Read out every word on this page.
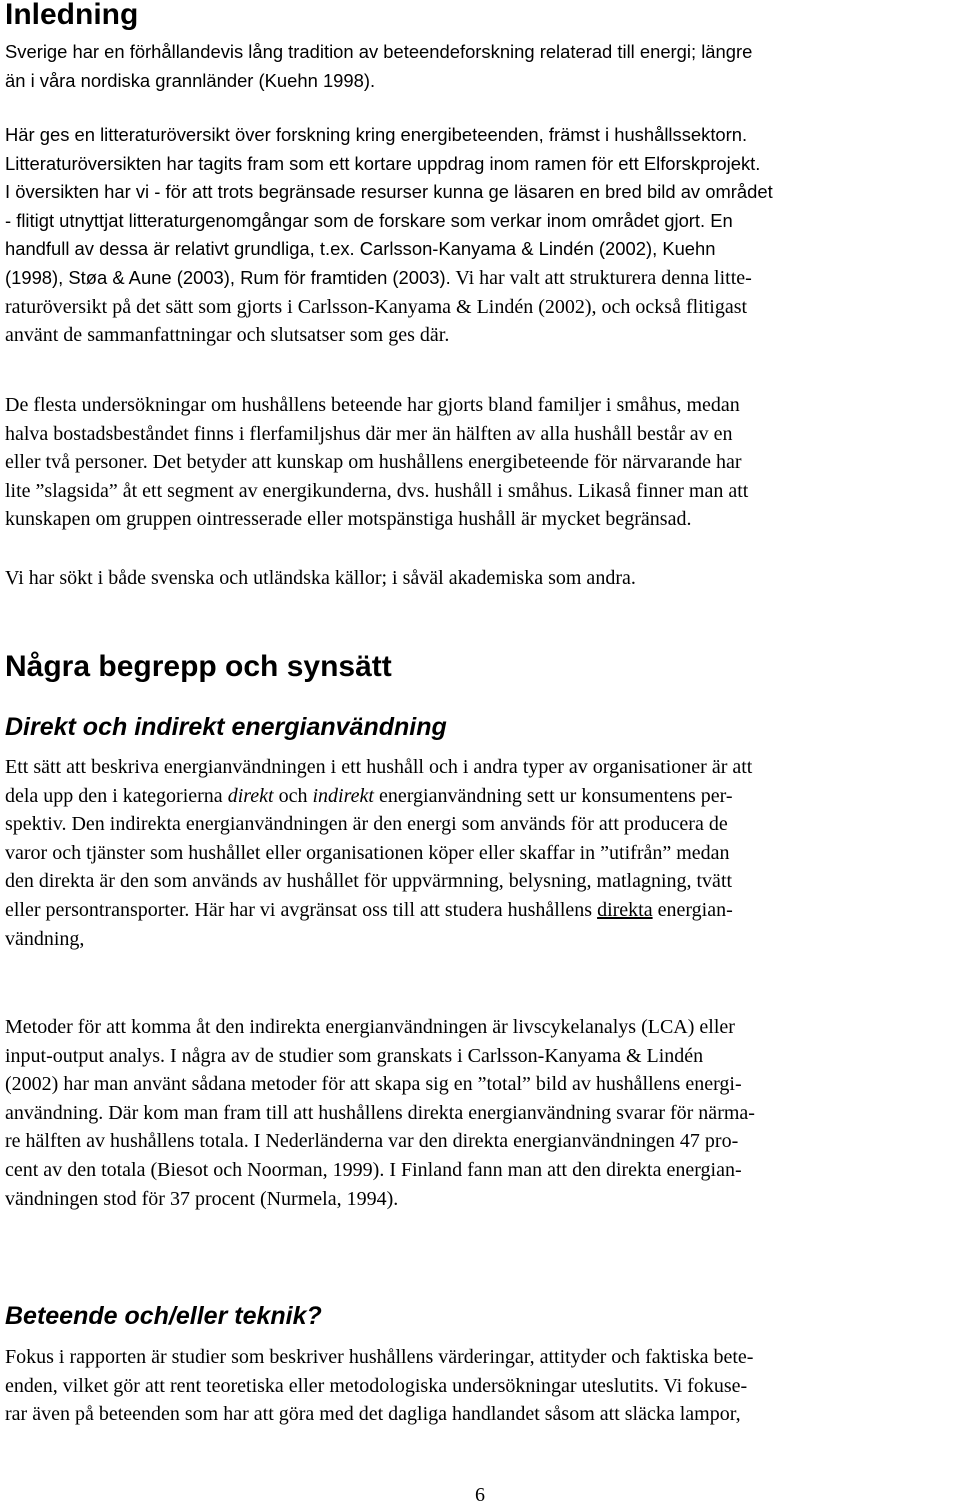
Inledning
Sverige har en förhållandevis lång tradition av beteendeforskning relaterad till energi; längre
än i våra nordiska grannländer (Kuehn 1998).
Här ges en litteraturöversikt över forskning kring energibeteenden, främst i hushållssektorn.
Litteraturöversikten har tagits fram som ett kortare uppdrag inom ramen för ett Elforskprojekt.
I översikten har vi - för att trots begränsade resurser kunna ge läsaren en bred bild av området
- flitigt utnyttjat litteraturgenomgångar som de forskare som verkar inom området gjort. En
handfull av dessa är relativt grundliga, t.ex. Carlsson-Kanyama & Lindén (2002), Kuehn
(1998), Støa & Aune (2003), Rum för framtiden (2003). Vi har valt att strukturera denna litte-
raturöversikt på det sätt som gjorts i Carlsson-Kanyama & Lindén (2002), och också flitigast
använt de sammanfattningar och slutsatser som ges där.
De flesta undersökningar om hushållens beteende har gjorts bland familjer i småhus, medan
halva bostadsbeståndet finns i flerfamiljshus där mer än hälften av alla hushåll består av en
eller två personer. Det betyder att kunskap om hushållens energibeteende för närvarande har
lite ”slagsida” åt ett segment av energikunderna, dvs. hushåll i småhus. Likaså finner man att
kunskapen om gruppen ointresserade eller motspänstiga hushåll är mycket begränsad.
Vi har sökt i både svenska och utländska källor; i såväl akademiska som andra.
Några begrepp och synsätt
Direkt och indirekt energianvändning
Ett sätt att beskriva energianvändningen i ett hushåll och i andra typer av organisationer är att
dela upp den i kategorierna direkt och indirekt energianvändning sett ur konsumentens per-
spektiv. Den indirekta energianvändningen är den energi som används för att producera de
varor och tjänster som hushållet eller organisationen köper eller skaffar in ”utifrån” medan
den direkta är den som används av hushållet för uppvärmning, belysning, matlagning, tvätt
eller persontransporter. Här har vi avgränsat oss till att studera hushållens direkta energian-
vändning,
Metoder för att komma åt den indirekta energianvändningen är livscykelanalys (LCA) eller
input-output analys. I några av de studier som granskats i Carlsson-Kanyama & Lindén
(2002) har man använt sådana metoder för att skapa sig en ”total” bild av hushållens energi-
användning. Där kom man fram till att hushållens direkta energianvändning svarar för närma-
re hälften av hushållens totala. I Nederländerna var den direkta energianvändningen 47 pro-
cent av den totala (Biesot och Noorman, 1999). I Finland fann man att den direkta energian-
vändningen stod för 37 procent (Nurmela, 1994).
Beteende och/eller teknik?
Fokus i rapporten är studier som beskriver hushållens värderingar, attityder och faktiska bete-
enden, vilket gör att rent teoretiska eller metodologiska undersökningar uteslutits. Vi fokuse-
rar även på beteenden som har att göra med det dagliga handlandet såsom att släcka lampor,
6
